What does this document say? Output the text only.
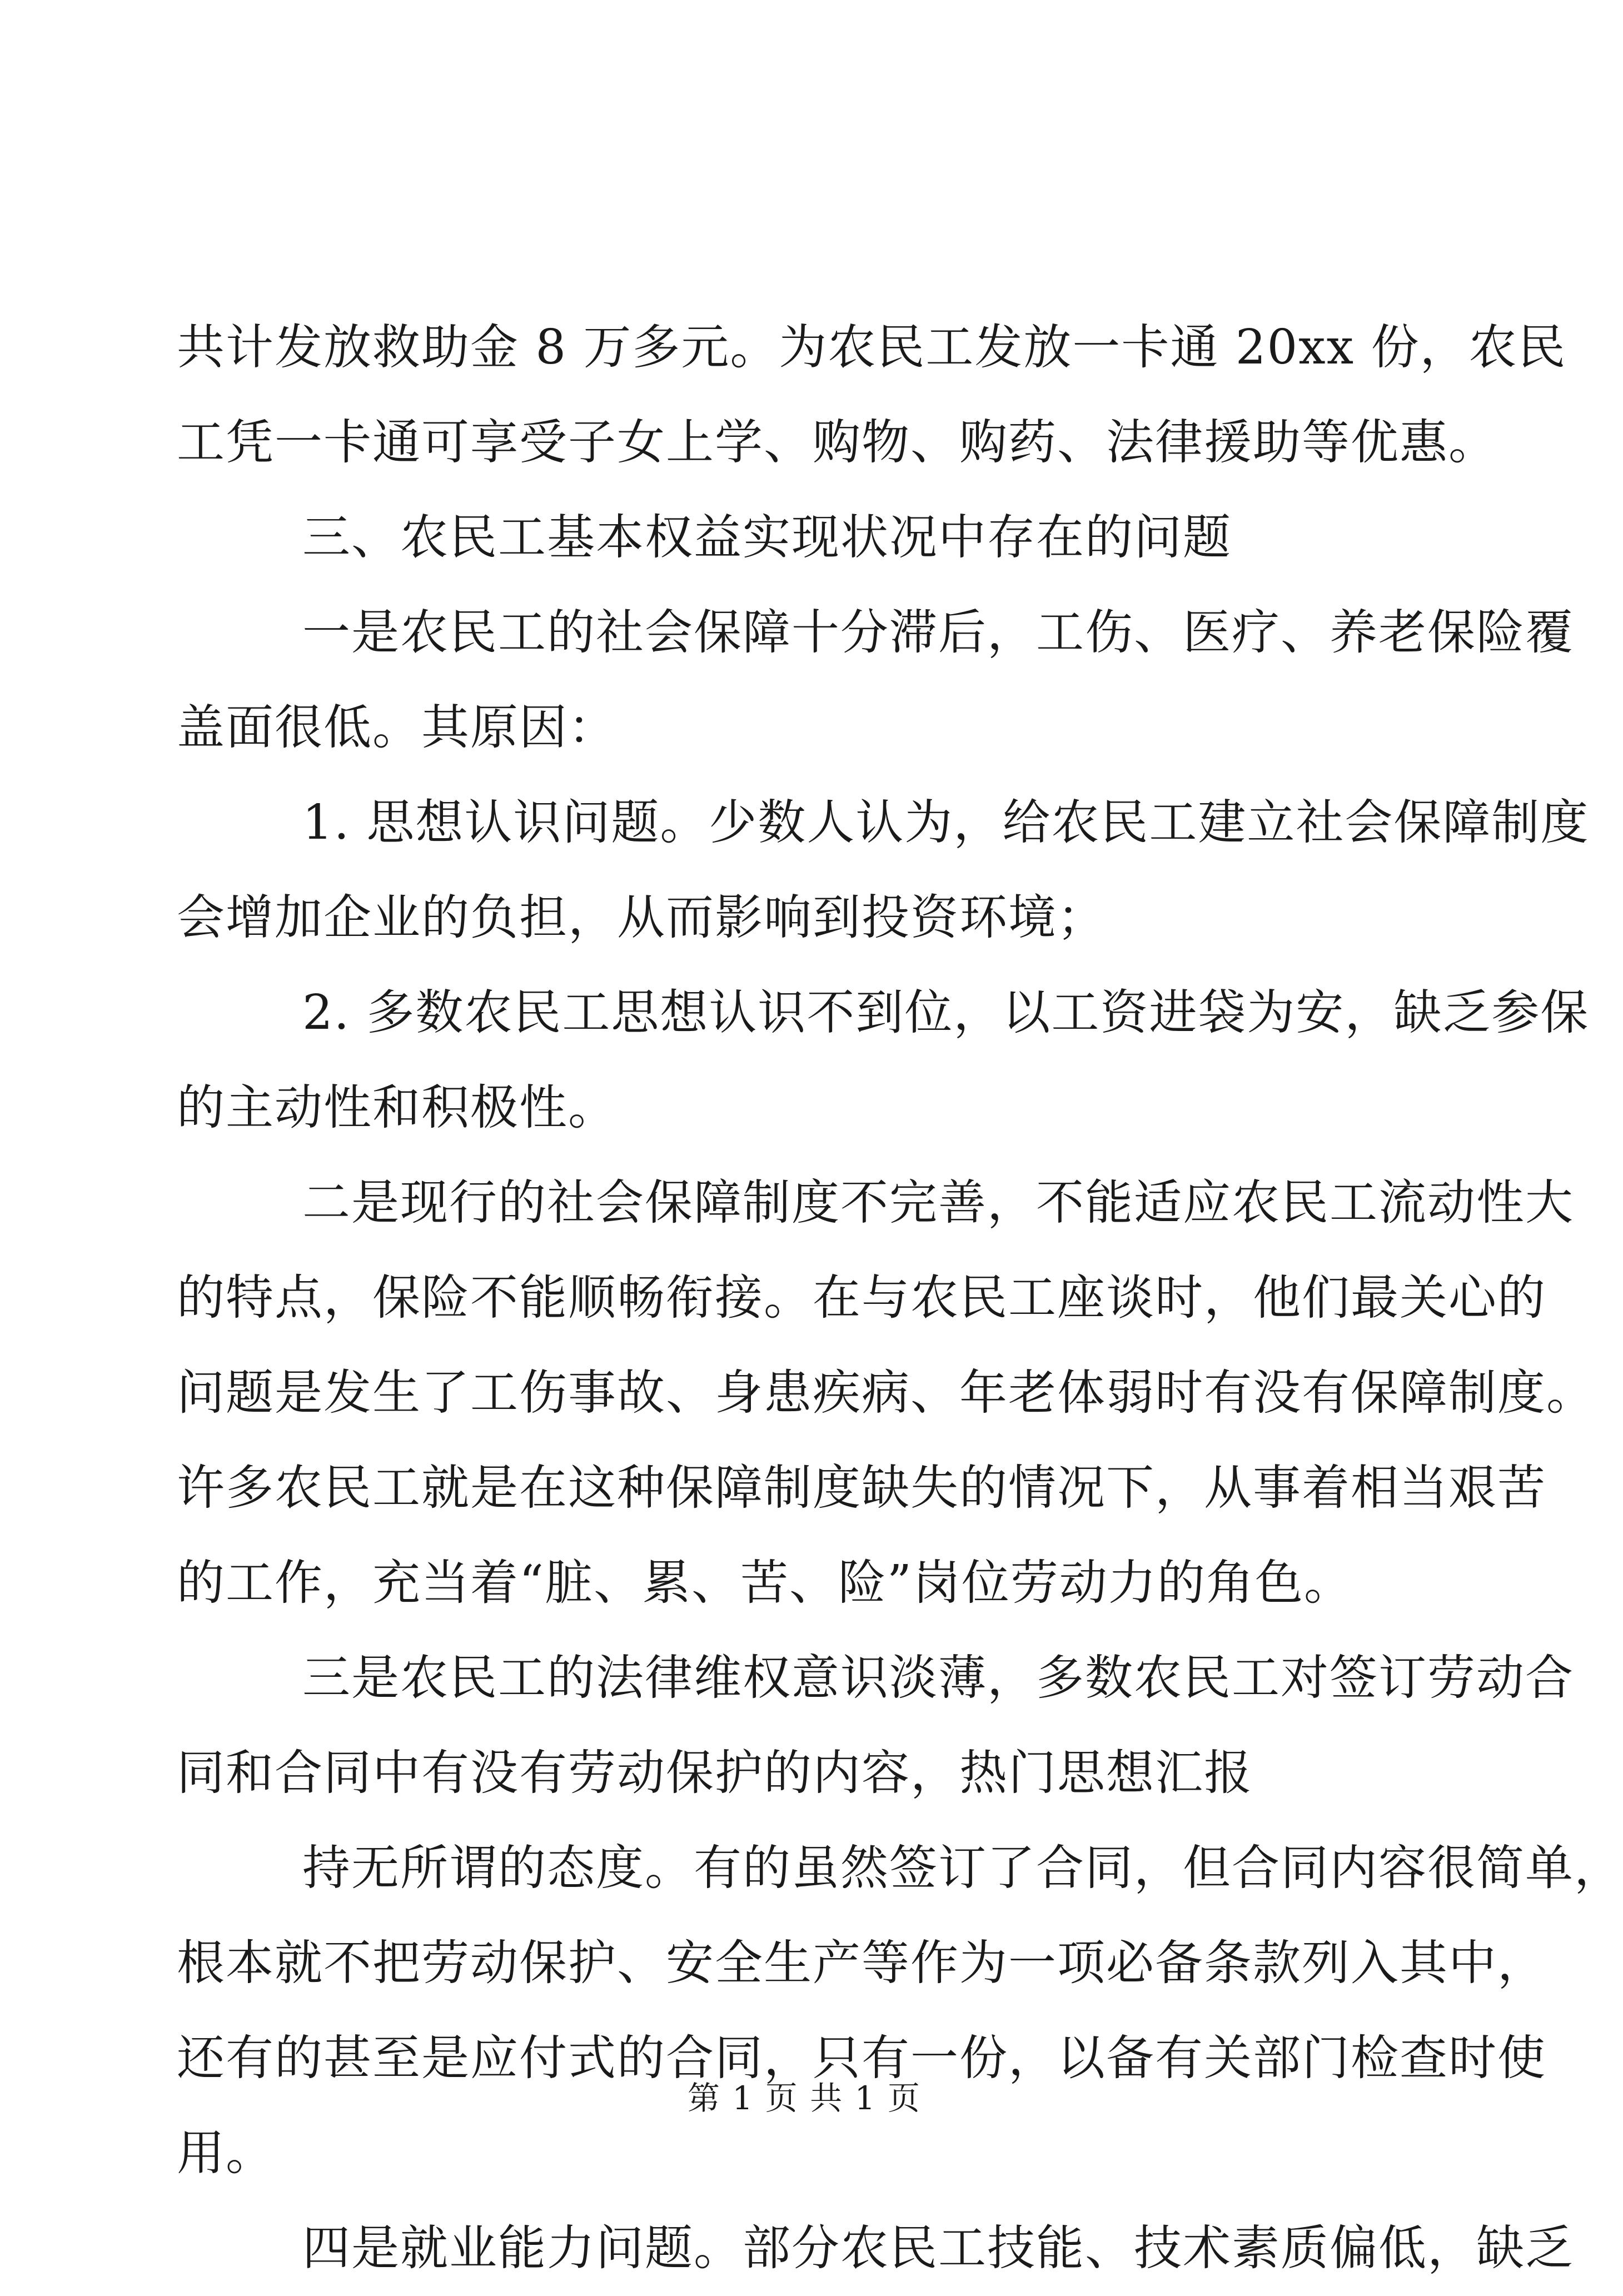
共计发放救助金 8 万多元。为农民工发放一卡通 20xx 份，农民
工凭一卡通可享受子女上学、购物、购药、法律援助等优惠。
三、农民工基本权益实现状况中存在的问题
一是农民工的社会保障十分滞后，工伤、医疗、养老保险覆
盖面很低。其原因：
1. 思想认识问题。少数人认为，给农民工建立社会保障制度
会增加企业的负担，从而影响到投资环境；
2. 多数农民工思想认识不到位，以工资进袋为安，缺乏参保
的主动性和积极性。
二是现行的社会保障制度不完善，不能适应农民工流动性大
的特点，保险不能顺畅衔接。在与农民工座谈时，他们最关心的
问题是发生了工伤事故、身患疾病、年老体弱时有没有保障制度。
许多农民工就是在这种保障制度缺失的情况下，从事着相当艰苦
的工作，充当着“脏、累、苦、险”岗位劳动力的角色。
三是农民工的法律维权意识淡薄，多数农民工对签订劳动合
同和合同中有没有劳动保护的内容，热门思想汇报
持无所谓的态度。有的虽然签订了合同，但合同内容很简单，
根本就不把劳动保护、安全生产等作为一项必备条款列入其中，
还有的甚至是应付式的合同，只有一份，以备有关部门检查时使
用。
四是就业能力问题。部分农民工技能、技术素质偏低，缺乏
第 1 页 共 1 页
